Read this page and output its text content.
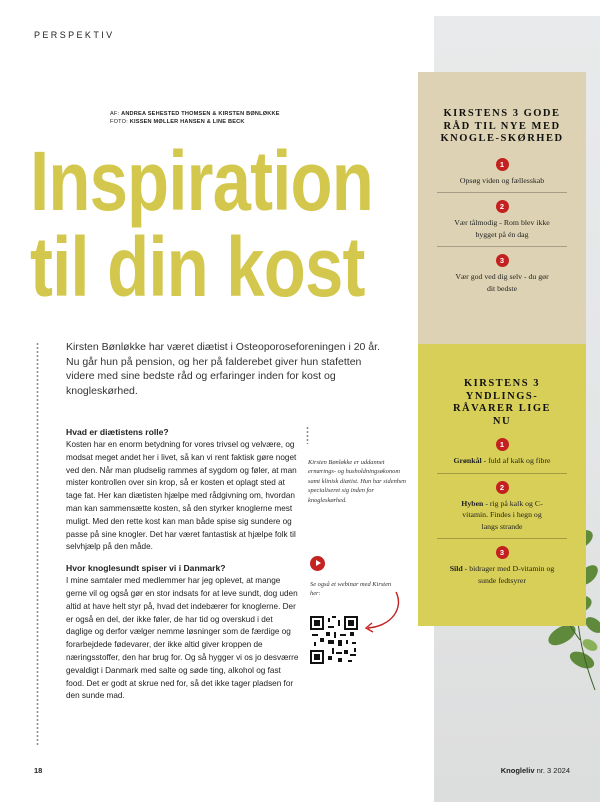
PERSPEKTIV
AF: ANDREA SEHESTED THOMSEN & KIRSTEN BØNLØKKE
FOTO: KISSEN MØLLER HANSEN & LINE BECK
Inspiration
til din kost
Kirsten Bønløkke har været diætist i Osteoporoseforeningen i 20 år. Nu går hun på pension, og her på falderebet giver hun stafetten videre med sine bedste råd og erfaringer inden for kost og knogleskørhed.
Hvad er diætistens rolle?

Kosten har en enorm betydning for vores trivsel og velvære, og modsat meget andet her i livet, så kan vi rent faktisk gøre noget ved den. Når man pludselig rammes af sygdom og føler, at man mister kontrollen over sin krop, så er kosten et oplagt sted at tage fat. Her kan diætisten hjælpe med rådgivning om, hvordan man kan sammensætte kosten, så den styrker knoglerne mest muligt. Med den rette kost kan man både spise sig sundere og passe på sine knogler. Det har været fantastisk at hjælpe folk til selvhjælp på den måde.

Hvor knoglesundt spiser vi i Danmark?

I mine samtaler med medlemmer har jeg oplevet, at mange gerne vil og også gør en stor indsats for at leve sundt, dog uden altid at have helt styr på, hvad det indebærer for knoglerne. Der er også en del, der ikke føler, de har tid og overskud i det daglige og derfor vælger nemme løsninger som de færdige og forarbejdede fødevarer, der ikke altid giver kroppen de næringsstoffer, den har brug for. Og så hygger vi os jo desværre gevaldigt i Danmark med salte og søde ting, alkohol og fast food. Det er godt at skrue ned for, så det ikke tager pladsen for den sunde mad.

Kirsten Bønløkke er uddannet ernærings- og husholdningsøkonom samt klinisk diætist. Hun har sidenhen specialiseret sig inden for knogleskørhed.
Se også et webinar med Kirsten her:
KIRSTENS 3 GODE RÅD TIL NYE MED KNOGLE-SKØRHED
1
Opsøg viden og fællesskab
2
Vær tålmodig - Rom blev ikke bygget på én dag
3
Vær god ved dig selv - du gør dit bedste
KIRSTENS 3 YNDLINGS-RÅVARER LIGE NU
1
Grønkål - fuld af kalk og fibre
2
Hyben - rig på kalk og C-vitamin. Findes i hegn og langs strande
3
Sild - bidrager med D-vitamin og sunde fedtsyrer
18	Knogleliv nr. 3 2024
